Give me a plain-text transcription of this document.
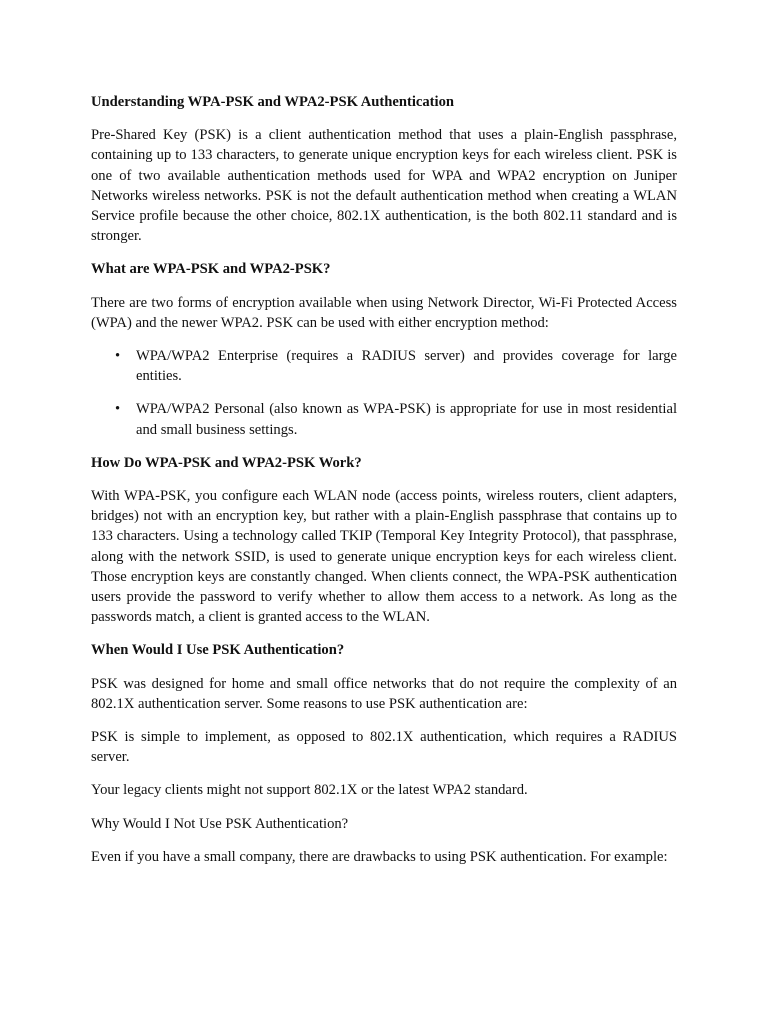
Understanding WPA-PSK and WPA2-PSK Authentication
Pre-Shared Key (PSK) is a client authentication method that uses a plain-English passphrase, containing up to 133 characters, to generate unique encryption keys for each wireless client. PSK is one of two available authentication methods used for WPA and WPA2 encryption on Juniper Networks wireless networks. PSK is not the default authentication method when creating a WLAN Service profile because the other choice, 802.1X authentication, is the both 802.11 standard and is stronger.
What are WPA-PSK and WPA2-PSK?
There are two forms of encryption available when using Network Director, Wi-Fi Protected Access (WPA) and the newer WPA2. PSK can be used with either encryption method:
• WPA/WPA2 Enterprise (requires a RADIUS server) and provides coverage for large entities.
• WPA/WPA2 Personal (also known as WPA-PSK) is appropriate for use in most residential and small business settings.
How Do WPA-PSK and WPA2-PSK Work?
With WPA-PSK, you configure each WLAN node (access points, wireless routers, client adapters, bridges) not with an encryption key, but rather with a plain-English passphrase that contains up to 133 characters. Using a technology called TKIP (Temporal Key Integrity Protocol), that passphrase, along with the network SSID, is used to generate unique encryption keys for each wireless client. Those encryption keys are constantly changed. When clients connect, the WPA-PSK authentication users provide the password to verify whether to allow them access to a network. As long as the passwords match, a client is granted access to the WLAN.
When Would I Use PSK Authentication?
PSK was designed for home and small office networks that do not require the complexity of an 802.1X authentication server. Some reasons to use PSK authentication are:
PSK is simple to implement, as opposed to 802.1X authentication, which requires a RADIUS server.
Your legacy clients might not support 802.1X or the latest WPA2 standard.
Why Would I Not Use PSK Authentication?
Even if you have a small company, there are drawbacks to using PSK authentication. For example:
